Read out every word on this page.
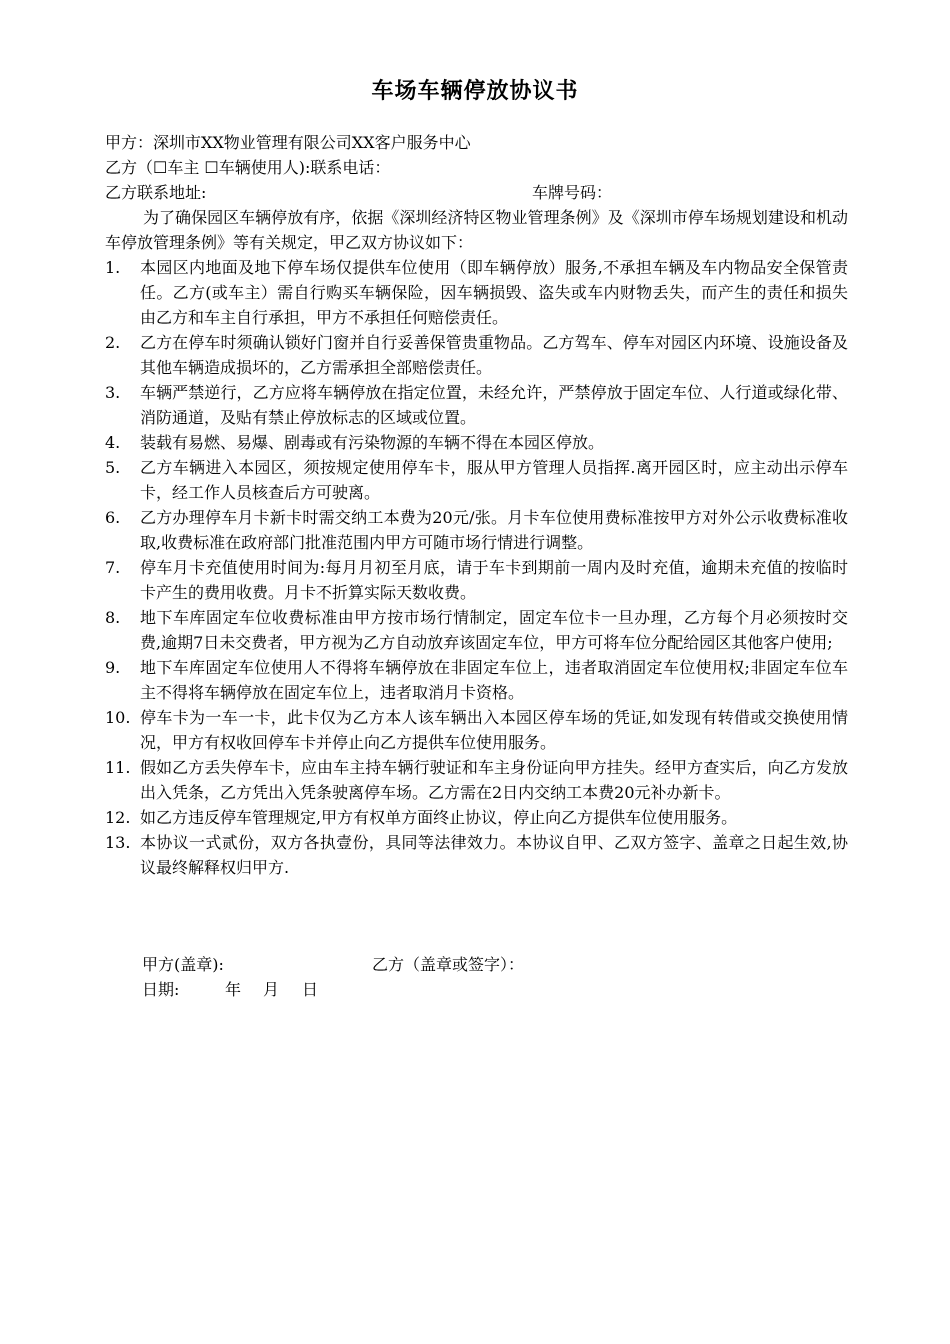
车场车辆停放协议书
甲方：深圳市XX物业管理有限公司XX客户服务中心
乙方（☐车主 ☐车辆使用人):联系电话：
乙方联系地址:	车牌号码：
为了确保园区车辆停放有序，依据《深圳经济特区物业管理条例》及《深圳市停车场规划建设和机动车停放管理条例》等有关规定，甲乙双方协议如下：
1.	本园区内地面及地下停车场仅提供车位使用（即车辆停放）服务,不承担车辆及车内物品安全保管责任。乙方(或车主）需自行购买车辆保险，因车辆损毁、盗失或车内财物丢失，而产生的责任和损失由乙方和车主自行承担，甲方不承担任何赔偿责任。
2.	乙方在停车时须确认锁好门窗并自行妥善保管贵重物品。乙方驾车、停车对园区内环境、设施设备及其他车辆造成损坏的，乙方需承担全部赔偿责任。
3.	车辆严禁逆行，乙方应将车辆停放在指定位置，未经允许，严禁停放于固定车位、人行道或绿化带、消防通道，及贴有禁止停放标志的区域或位置。
4.	装载有易燃、易爆、剧毒或有污染物源的车辆不得在本园区停放。
5.	乙方车辆进入本园区，须按规定使用停车卡，服从甲方管理人员指挥.离开园区时，应主动出示停车卡，经工作人员核查后方可驶离。
6.	乙方办理停车月卡新卡时需交纳工本费为20元/张。月卡车位使用费标准按甲方对外公示收费标准收取,收费标准在政府部门批准范围内甲方可随市场行情进行调整。
7.	停车月卡充值使用时间为:每月月初至月底，请于车卡到期前一周内及时充值，逾期未充值的按临时卡产生的费用收费。月卡不折算实际天数收费。
8.	地下车库固定车位收费标准由甲方按市场行情制定，固定车位卡一旦办理，乙方每个月必须按时交费,逾期7日未交费者，甲方视为乙方自动放弃该固定车位，甲方可将车位分配给园区其他客户使用;
9.	地下车库固定车位使用人不得将车辆停放在非固定车位上，违者取消固定车位使用权;非固定车位车主不得将车辆停放在固定车位上，违者取消月卡资格。
10. 停车卡为一车一卡，此卡仅为乙方本人该车辆出入本园区停车场的凭证,如发现有转借或交换使用情况，甲方有权收回停车卡并停止向乙方提供车位使用服务。
11. 假如乙方丢失停车卡，应由车主持车辆行驶证和车主身份证向甲方挂失。经甲方查实后，向乙方发放出入凭条，乙方凭出入凭条驶离停车场。乙方需在2日内交纳工本费20元补办新卡。
12. 如乙方违反停车管理规定,甲方有权单方面终止协议，停止向乙方提供车位使用服务。
13. 本协议一式贰份，双方各执壹份，具同等法律效力。本协议自甲、乙双方签字、盖章之日起生效,协议最终解释权归甲方.
甲方(盖章):	乙方（盖章或签字）：
日期:	年 月 日
